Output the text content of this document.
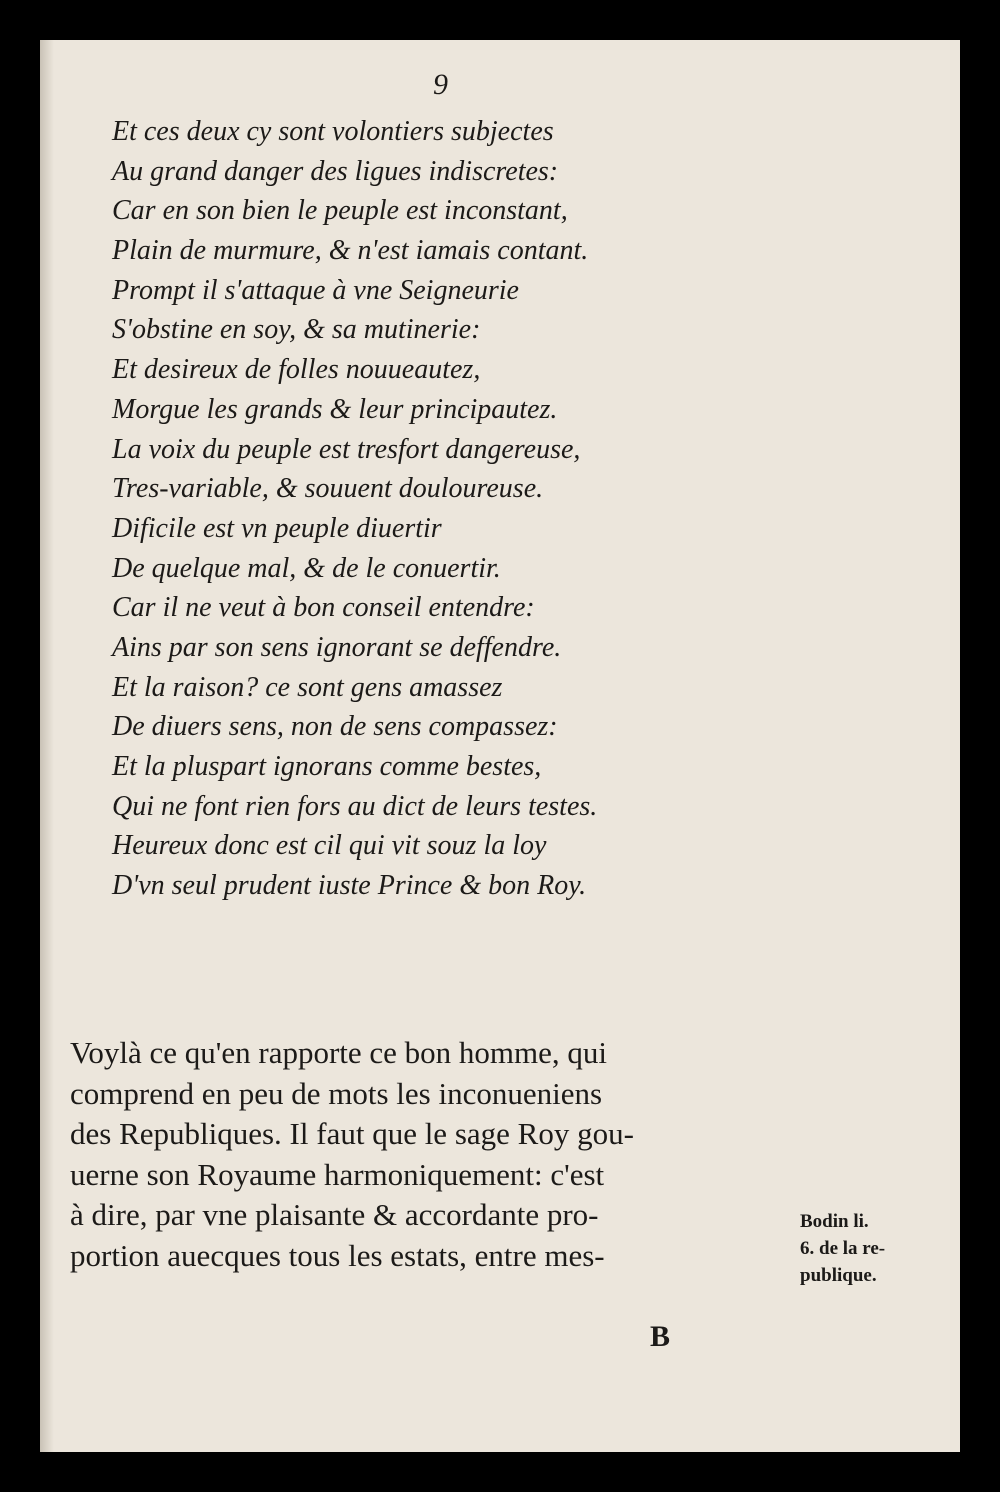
9

Et ces deux cy sont volontiers subjectes
Au grand danger des ligues indiscretes:
Car en son bien le peuple est inconstant,
Plain de murmure, & n'est iamais contant.
Prompt il s'attaque à vne Seigneurie
S'obstine en soy, & sa mutinerie:
Et desireux de folles nouueautez,
Morgue les grands & leur principautez.
La voix du peuple est tresfort dangereuse,
Tres-variable, & souuent douloureuse.
Dificile est vn peuple diuertir
De quelque mal, & de le conuertir.
Car il ne veut à bon conseil entendre:
Ains par son sens ignorant se deffendre.
Et la raison? ce sont gens amassez
De diuers sens, non de sens compassez:
Et la pluspart ignorans comme bestes,
Qui ne font rien fors au dict de leurs testes.
Heureux donc est cil qui vit souz la loy
D'vn seul prudent iuste Prince & bon Roy.
Voylà ce qu'en rapporte ce bon homme, qui
comprend en peu de mots les inconueniens
des Republiques. Il faut que le sage Roy gou-
uerne son Royaume harmoniquement: c'est
à dire, par vne plaisante & accordante pro-
portion auecques tous les estats, entre mes-
Bodin li.
6. de la re-
publique.

B
